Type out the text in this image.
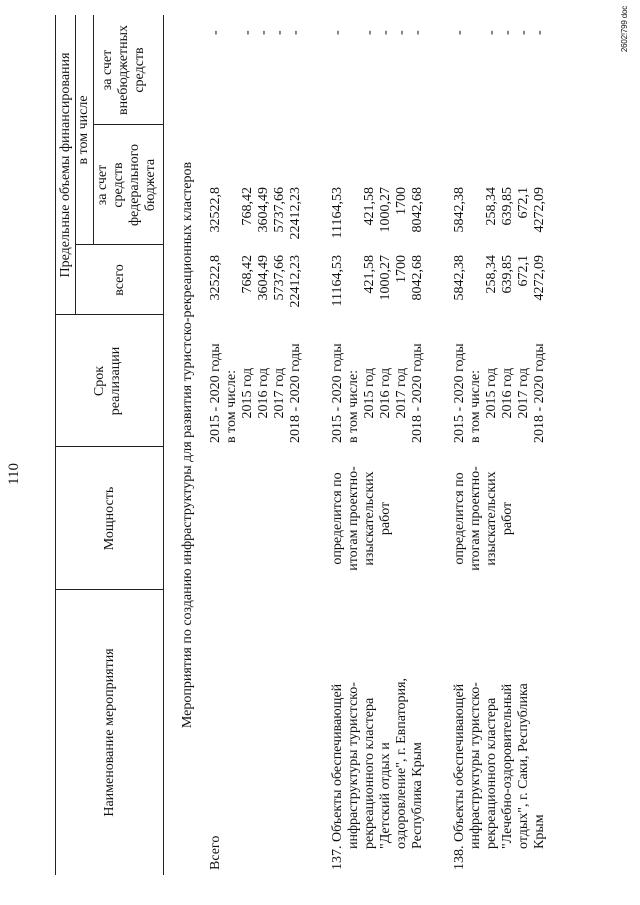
110
Наименование мероприятия
Мощность
Срок
реализации
Предельные объемы финансирования
всего
в том числе
за счет
средств
федерального
бюджета
за счет
внебюджетных
средств
Мероприятия по созданию инфраструктуры для развития туристско-рекреационных кластеров
Всего
2015 - 2020 годы
в том числе:
2015 год
2016 год
2017 год
2018 - 2020 годы
32522,8

768,42
3604,49
5737,66
22412,23
32522,8

768,42
3604,49
5737,66
22412,23
-

-
-
-
-
137. Объекты обеспечивающей
инфраструктуры туристско-
рекреационного кластера
"Детский отдых и
оздоровление", г. Евпатория,
Республика Крым
определится по
итогам проектно-
изыскательских
работ
2015 - 2020 годы
в том числе:
2015 год
2016 год
2017 год
2018 - 2020 годы
11164,53

421,58
1000,27
1700
8042,68
11164,53

421,58
1000,27
1700
8042,68
-

-
-
-
-
138. Объекты обеспечивающей
инфраструктуры туристско-
рекреационного кластера
"Лечебно-оздоровительный
отдых", г. Саки, Республика
Крым
определится по
итогам проектно-
изыскательских
работ
2015 - 2020 годы
в том числе:
2015 год
2016 год
2017 год
2018 - 2020 годы
5842,38

258,34
639,85
672,1
4272,09
5842,38

258,34
639,85
672,1
4272,09
-

-
-
-
-	2602!799 doc
